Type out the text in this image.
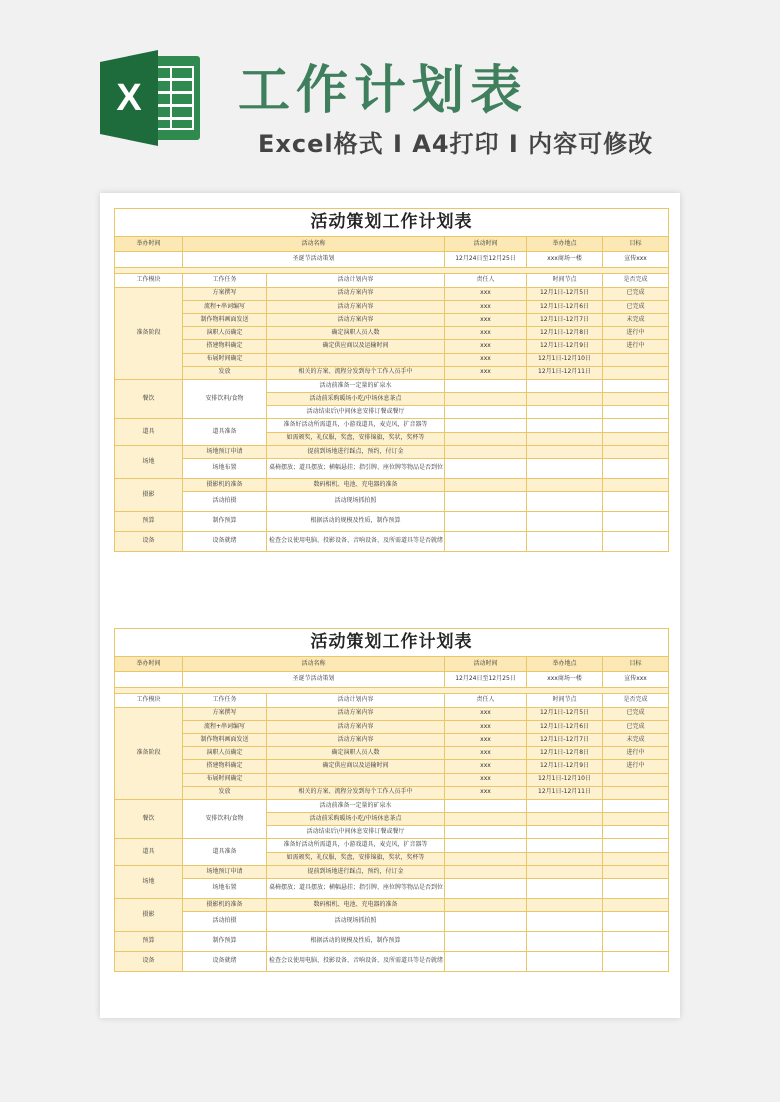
X 工作计划表
Excel格式 I A4打印 I 内容可修改
活动策划工作计划表					
举办时间	活动名称		活动时间	举办地点	目标
	圣诞节活动策划		12月24日至12月25日	xxx商场一楼	宣传xxx

工作模块	工作任务	活动计划内容	责任人	时间节点	是否完成
准备阶段	方案撰写	活动方案内容	xxx	12月1日-12月5日	已完成
	流程+串词编写	活动方案内容	xxx	12月1日-12月6日	已完成
	制作物料画面发送	活动方案内容	xxx	12月1日-12月7日	未完成
	演职人员确定	确定演职人员人数	xxx	12月1日-12月8日	进行中
	搭建物料确定	确定供应商以及运输时间	xxx	12月1日-12月9日	进行中
	布展时间确定		xxx	12月1日-12月10日	
	发放	相关的方案、流程分发到每个工作人员手中	xxx	12月1日-12月11日	
餐饮	安排饮料/食物	活动前准备一定量的矿泉水			
		活动前采购暖场小吃/中场休息茶点			
		活动结束后\中间休息安排订餐或餐厅			
道具	道具准备	准备好活动所需道具，小游戏道具，麦克风，扩音器等			
		如需颁奖，礼仪服，奖盘，安排锦旗，奖状，奖杯等			
场地	场地预订申请	提前到场地进行踩点，预约，付订金			
	场地布置	桌椅摆放；道具摆放；横幅悬挂；指引牌、座位牌等物品是否到位			
摄影	摄影机的准备	数码相机、电池、充电器的准备			
	活动拍摄	活动现场抓拍照			
预算	制作预算	根据活动的规模及性质，制作预算			
设备	设备就绪	检查会议使用电脑、投影设备、音响设备、及所需道具等是否就绪			
活动策划工作计划表					
举办时间	活动名称		活动时间	举办地点	目标
	圣诞节活动策划		12月24日至12月25日	xxx商场一楼	宣传xxx

工作模块	工作任务	活动计划内容	责任人	时间节点	是否完成
准备阶段	方案撰写	活动方案内容	xxx	12月1日-12月5日	已完成
	流程+串词编写	活动方案内容	xxx	12月1日-12月6日	已完成
	制作物料画面发送	活动方案内容	xxx	12月1日-12月7日	未完成
	演职人员确定	确定演职人员人数	xxx	12月1日-12月8日	进行中
	搭建物料确定	确定供应商以及运输时间	xxx	12月1日-12月9日	进行中
	布展时间确定		xxx	12月1日-12月10日	
	发放	相关的方案、流程分发到每个工作人员手中	xxx	12月1日-12月11日	
餐饮	安排饮料/食物	活动前准备一定量的矿泉水			
		活动前采购暖场小吃/中场休息茶点			
		活动结束后\中间休息安排订餐或餐厅			
道具	道具准备	准备好活动所需道具，小游戏道具，麦克风，扩音器等			
		如需颁奖，礼仪服，奖盘，安排锦旗，奖状，奖杯等			
场地	场地预订申请	提前到场地进行踩点，预约，付订金			
	场地布置	桌椅摆放；道具摆放；横幅悬挂；指引牌、座位牌等物品是否到位			
摄影	摄影机的准备	数码相机、电池、充电器的准备			
	活动拍摄	活动现场抓拍照			
预算	制作预算	根据活动的规模及性质，制作预算			
设备	设备就绪	检查会议使用电脑、投影设备、音响设备、及所需道具等是否就绪			
